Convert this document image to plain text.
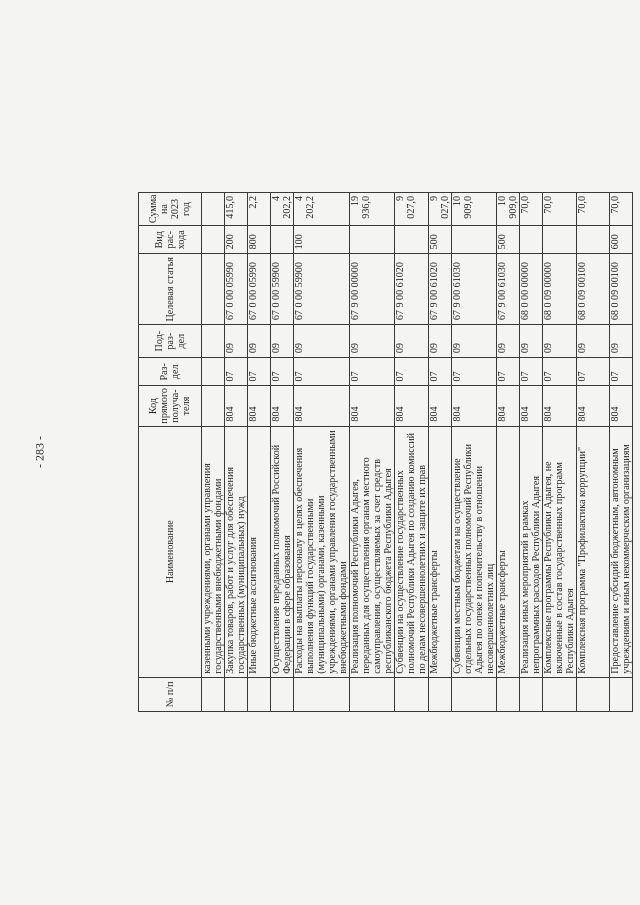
- 283 -
№ п/п	Наименование	Код прямого получа-теля	Раз-дел	Под-раз-дел	Целевая статья	Вид рас-хода	Сумма на 2023 год
	казенными учреждениями, органами управления государственными внебюджетными фондами						
	Закупка товаров, работ и услуг для обеспечения государственных (муниципальных) нужд	804	07	09	67 0 00 05990	200	415,0
	Иные бюджетные ассигнования	804	07	09	67 0 00 05990	800	2,2
	Осуществление переданных полномочий Российской Федерации в сфере образования	804	07	09	67 0 00 59900		4 202,2
	Расходы на выплаты персоналу в целях обеспечения выполнения функций государственными (муниципальными) органами, казенными учреждениями, органами управления государственными внебюджетными фондами	804	07	09	67 0 00 59900	100	4 202,2
	Реализация полномочий Республики Адыгея, переданных для осуществления органам местного самоуправления, осуществляемых за счет средств республиканского бюджета Республики Адыгея	804	07	09	67 9 00 00000		19 936,0
	Субвенции на осуществление государственных полномочий Республики Адыгея по созданию комиссий по делам несовершеннолетних и защите их прав	804	07	09	67 9 00 61020		9 027,0
	Межбюджетные трансферты	804	07	09	67 9 00 61020	500	9 027,0
	Субвенции местным бюджетам на осуществление отдельных государственных полномочий Республики Адыгея по опеке и попечительству в отношении несовершеннолетних лиц	804	07	09	67 9 00 61030		10 909,0
	Межбюджетные трансферты	804	07	09	67 9 00 61030	500	10 909,0
	Реализация иных мероприятий в рамках непрограммных расходов Республики Адыгея	804	07	09	68 0 00 00000		70,0
	Комплексные программы Республики Адыгея, не включенные в состав государственных программ Республики Адыгея	804	07	09	68 0 09 00000		70,0
	Комплексная программа "Профилактика коррупции"	804	07	09	68 0 09 00100		70,0
	Предоставление субсидий бюджетным, автономным учреждениям и иным некоммерческим организациям	804	07	09	68 0 09 00100	600	70,0
